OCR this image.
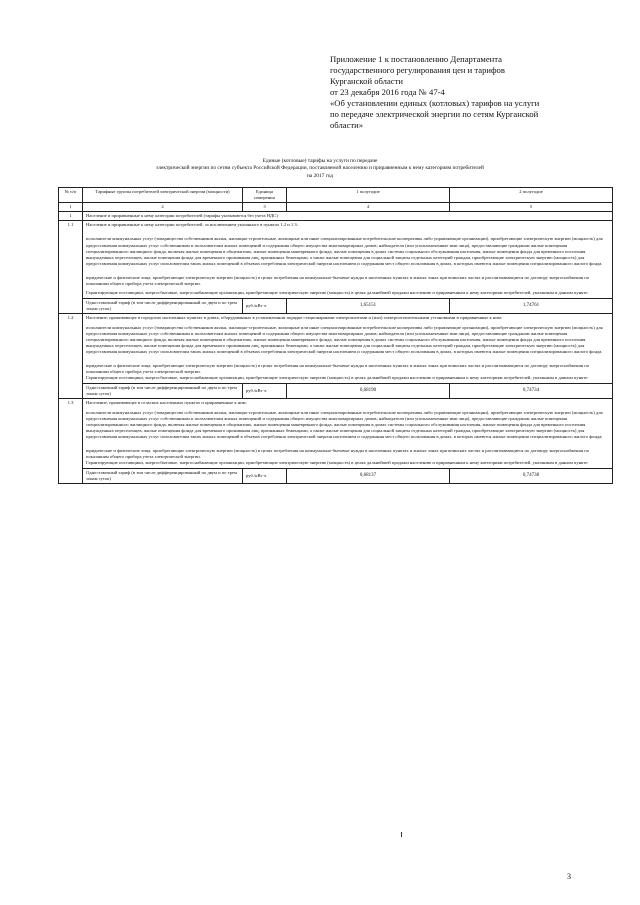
Приложение 1 к постановлению Департамента
государственного регулирования цен и тарифов
Курганской области
от 23 декабря 2016 года № 47-4
«Об установлении единых (котловых) тарифов на услуги
по передаче электрической энергии по сетям Курганской
области»
Единые (котловые) тарифы на услуги по передаче
электрической энергии по сетям субъекта Российской Федерации, поставляемой населению и приравненным к нему категориям потребителей
на 2017 год
№ п/п	Тарифные группы потребителей электрической энергии (мощности)	Единица измерения	1 полугодие	2 полугодие
1	2	3	4	5
1	Население и приравненные к нему категории потребителей (тарифы указываются без учета НДС)			
1.1	Население и приравненные к нему категории потребителей, за исключением указанного в пунктах 1.2 и 1.3:
исполнители коммунальных услуг (товарищества собственников жилья, жилищно-строительные, жилищные или иные специализированные потребительские кооперативы либо управляющие организации), приобретающие электрическую энергию (мощность) для предоставления коммунальных услуг собственникам и пользователям жилых помещений и содержания общего имущества многоквартирных домов; наймодатели (или уполномоченные ими лица), предоставляющие гражданам жилые помещения специализированного жилищного фонда, включая жилые помещения в общежитиях, жилые помещения маневренного фонда, жилые помещения в домах системы социального обслуживания населения, жилые помещения фонда для временного поселения вынужденных переселенцев, жилые помещения фонда для временного проживания лиц, признанных беженцами, а также жилые помещения для социальной защиты отдельных категорий граждан, приобретающие электрическую энергию (мощность) для предоставления коммунальных услуг пользователям таких жилых помещений в объемах потребления электрической энергии населением и содержания мест общего пользования в домах, в которых имеются жилые помещения специализированного жилого фонда.
юридические и физические лица, приобретающие электрическую энергию (мощность) в целях потребления на коммунально-бытовые нужды в населенных пунктах и жилых зонах при воинских частях и рассчитывающиеся по договору энергоснабжения по показаниям общего прибора учета электрической энергии.
Гарантирующие поставщики, энергосбытовые, энергоснабжающие организации, приобретающие электрическую энергию (мощность) в целях дальнейшей продажи населению и приравненным к нему категориям потребителей, указанным в данном пункте.			

	Одноставочный тариф (в том числе дифференцированный по двум и по трем зонам суток)	руб./кВт·ч	1,65151	1,74761
1.2	Население, проживающее в городских населенных пунктах в домах, оборудованных в установленном порядке стационарными электроплитами и (или) электроотопительными установками и приравненные к ним:
исполнители коммунальных услуг (товарищества собственников жилья, жилищно-строительные, жилищные или иные специализированные потребительские кооперативы либо управляющие организации), приобретающие электрическую энергию (мощность) для предоставления коммунальных услуг собственникам и пользователям жилых помещений и содержания общего имущества многоквартирных домов; наймодатели (или уполномоченные ими лица), предоставляющие гражданам жилые помещения специализированного жилищного фонда, включая жилые помещения в общежитиях, жилые помещения маневренного фонда, жилые помещения в домах системы социального обслуживания населения, жилые помещения фонда для временного поселения вынужденных переселенцев, жилые помещения фонда для временного проживания лиц, признанных беженцами, а также жилые помещения для социальной защиты отдельных категорий граждан, приобретающие электрическую энергию (мощность) для предоставления коммунальных услуг пользователям таких жилых помещений в объемах потребления электрической энергии населением и содержания мест общего пользования в домах, в которых имеются жилые помещения специализированного жилого фонда.
юридические и физические лица, приобретающие электрическую энергию (мощность) в целях потребления на коммунально-бытовые нужды в населенных пунктах и жилых зонах при воинских частях и рассчитывающиеся по договору энергоснабжения по показаниям общего прибора учета электрической энергии.
Гарантирующие поставщики, энергосбытовые, энергоснабжающие организации, приобретающие электрическую энергию (мощность) в целях дальнейшей продажи населению и приравненным к нему категориям потребителей, указанным в данном пункте.			

	Одноставочный тариф (в том числе дифференцированный по двум и по трем зонам суток)	руб./кВт·ч	0,68190	0,74734
1.3	Население, проживающее в сельских населенных пунктах и приравненные к ним:
исполнители коммунальных услуг (товарищества собственников жилья, жилищно-строительные, жилищные или иные специализированные потребительские кооперативы либо управляющие организации), приобретающие электрическую энергию (мощность) для предоставления коммунальных услуг собственникам и пользователям жилых помещений и содержания общего имущества многоквартирных домов; наймодатели (или уполномоченные ими лица), предоставляющие гражданам жилые помещения специализированного жилищного фонда, включая жилые помещения в общежитиях, жилые помещения маневренного фонда, жилые помещения в домах системы социального обслуживания населения, жилые помещения фонда для временного поселения вынужденных переселенцев, жилые помещения фонда для временного проживания лиц, признанных беженцами, а также жилые помещения для социальной защиты отдельных категорий граждан, приобретающие электрическую энергию (мощность) для предоставления коммунальных услуг пользователям таких жилых помещений в объемах потребления электрической энергии населением и содержания мест общего пользования в домах, в которых имеются жилые помещения специализированного жилого фонда;
юридические и физические лица, приобретающие электрическую энергию (мощность) в целях потребления на коммунально-бытовые нужды в населенных пунктах и жилых зонах при воинских частях и рассчитывающиеся по договору энергоснабжения по показаниям общего прибора учета электрической энергии.
Гарантирующие поставщики, энергосбытовые, энергоснабжающие организации, приобретающие электрическую энергию (мощность) в целях дальнейшей продажи населению и приравненным к нему категориям потребителей, указанным в данном пункте.			

	Одноставочный тариф (в том числе дифференцированный по двум и по трем зонам суток)	руб./кВт·ч	0,68137	0,74738
3
